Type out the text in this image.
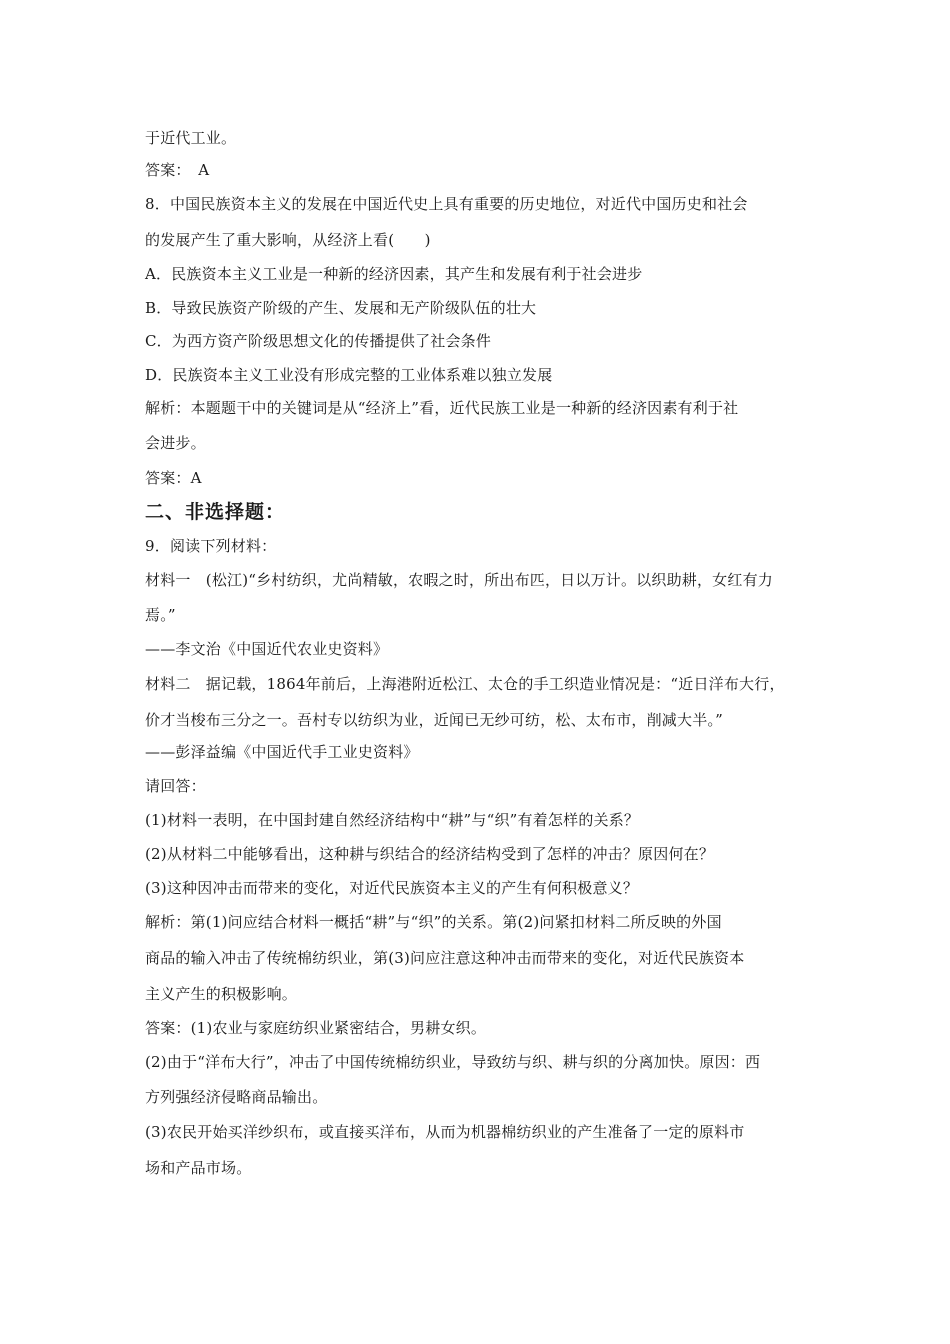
于近代工业。
答案：　A
8．中国民族资本主义的发展在中国近代史上具有重要的历史地位，对近代中国历史和社会
的发展产生了重大影响，从经济上看(　　)
A．民族资本主义工业是一种新的经济因素，其产生和发展有利于社会进步
B．导致民族资产阶级的产生、发展和无产阶级队伍的壮大
C．为西方资产阶级思想文化的传播提供了社会条件
D．民族资本主义工业没有形成完整的工业体系难以独立发展
解析：本题题干中的关键词是从“经济上”看，近代民族工业是一种新的经济因素有利于社
会进步。
答案：A
二、非选择题：
9．阅读下列材料：
材料一　(松江)“乡村纺织，尤尚精敏，农暇之时，所出布匹，日以万计。以织助耕，女红有力
焉。”
——李文治《中国近代农业史资料》
材料二　据记载，1864年前后，上海港附近松江、太仓的手工织造业情况是：“近日洋布大行，
价才当梭布三分之一。吾村专以纺织为业，近闻已无纱可纺，松、太布市，削减大半。”
——彭泽益编《中国近代手工业史资料》
请回答：
(1)材料一表明，在中国封建自然经济结构中“耕”与“织”有着怎样的关系？
(2)从材料二中能够看出，这种耕与织结合的经济结构受到了怎样的冲击？原因何在？
(3)这种因冲击而带来的变化，对近代民族资本主义的产生有何积极意义？
解析：第(1)问应结合材料一概括“耕”与“织”的关系。第(2)问紧扣材料二所反映的外国
商品的输入冲击了传统棉纺织业，第(3)问应注意这种冲击而带来的变化，对近代民族资本
主义产生的积极影响。
答案：(1)农业与家庭纺织业紧密结合，男耕女织。
(2)由于“洋布大行”，冲击了中国传统棉纺织业，导致纺与织、耕与织的分离加快。原因：西
方列强经济侵略商品输出。
(3)农民开始买洋纱织布，或直接买洋布，从而为机器棉纺织业的产生准备了一定的原料市
场和产品市场。
